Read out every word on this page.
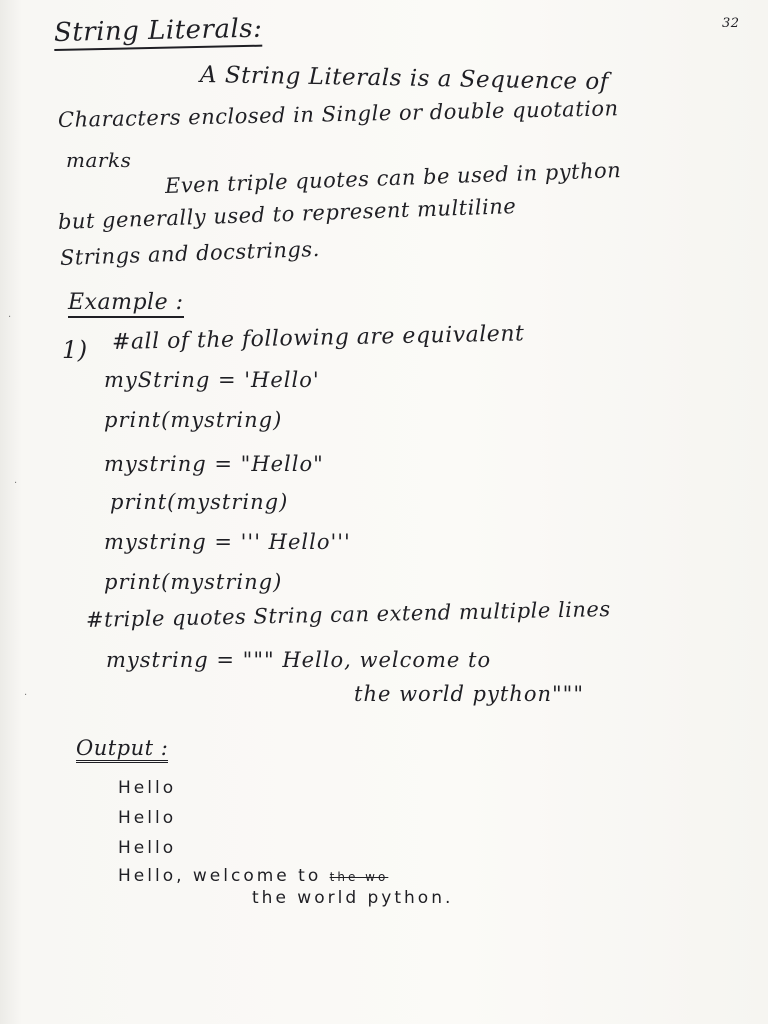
32
String Literals:
A String Literals is a Sequence of
Characters enclosed in Single or double quotation
marks Even triple quotes can be used in python
but generally used to represent multiline
Strings and docstrings.
Example :
1) #all of the following are equivalent
myString = 'Hello'
print(mystring)
mystring = "Hello"
print(mystring)
mystring = ''' Hello'''
print(mystring)
#triple quotes String can extend multiple lines
mystring = """ Hello, welcome to
the world python"""
Output :
Hello
Hello
Hello
Hello, welcome to the wo
the world python.
·
·
·
